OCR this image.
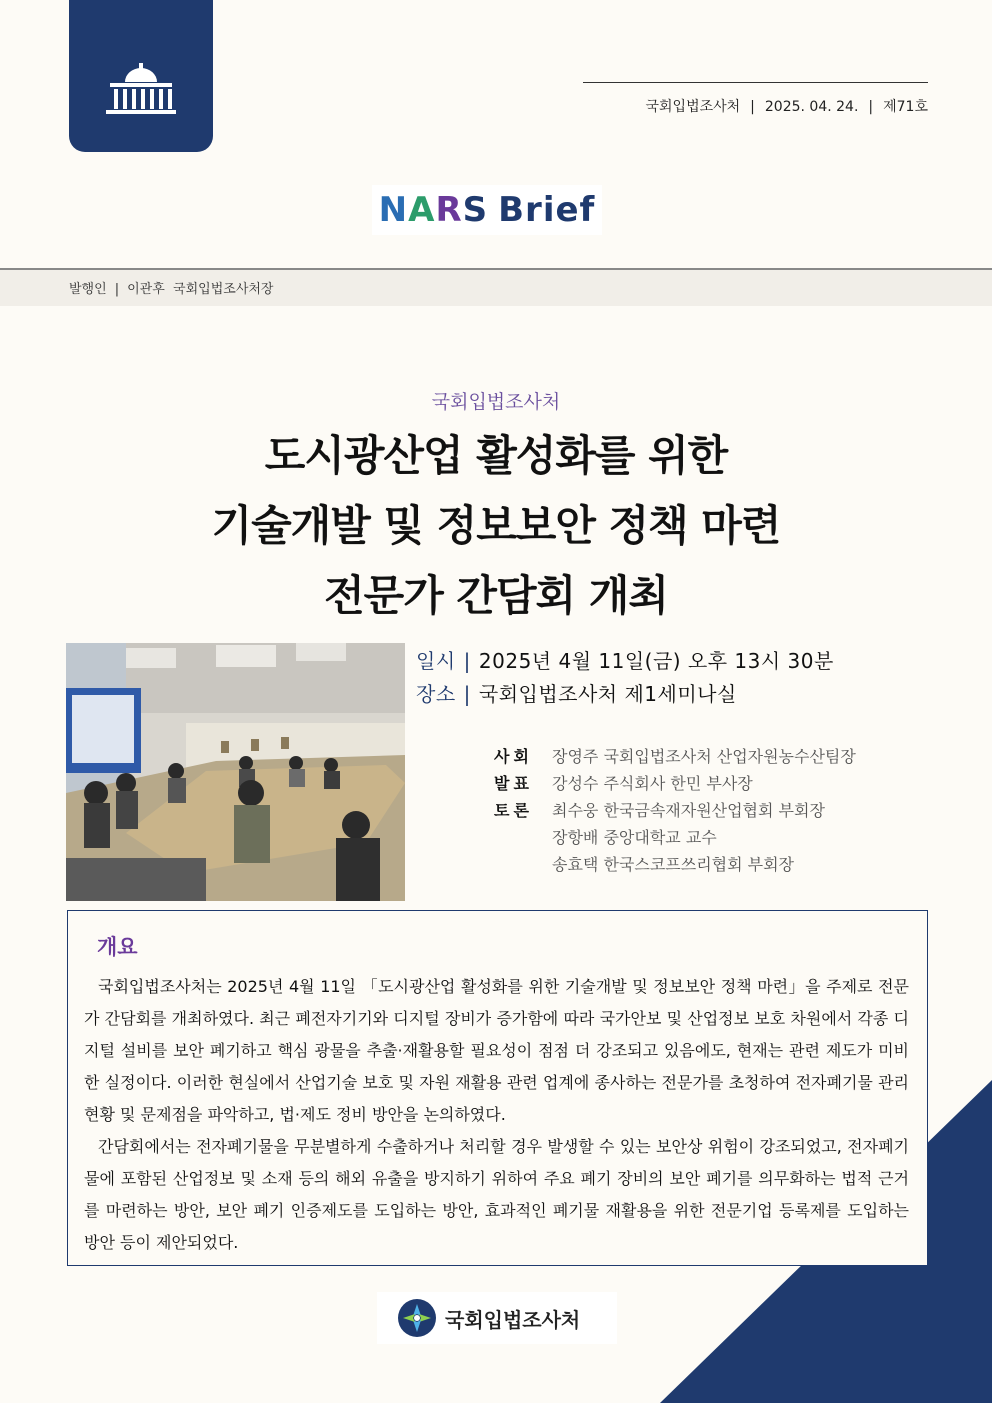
국회입법조사처 | 2025. 04. 24. | 제71호
N A R S Brief
발행인 | 이관후 국회입법조사처장
국회입법조사처
도시광산업 활성화를 위한
기술개발 및 정보보안 정책 마련
전문가 간담회 개최
일시 | 2025년 4월 11일(금) 오후 13시 30분
장소 | 국회입법조사처 제1세미나실
사회	장영주 국회입법조사처 산업자원농수산팀장
발표	강성수 주식회사 한민 부사장
토론	최수웅 한국금속재자원산업협회 부회장
장항배 중앙대학교 교수
송효택 한국스코프쓰리협회 부회장
개요

국회입법조사처는 2025년 4월 11일 「도시광산업 활성화를 위한 기술개발 및 정보보안 정책 마련」을 주제로 전문가 간담회를 개최하였다. 최근 폐전자기기와 디지털 장비가 증가함에 따라 국가안보 및 산업정보 보호 차원에서 각종 디지털 설비를 보안 폐기하고 핵심 광물을 추출·재활용할 필요성이 점점 더 강조되고 있음에도, 현재는 관련 제도가 미비한 실정이다. 이러한 현실에서 산업기술 보호 및 자원 재활용 관련 업계에 종사하는 전문가를 초청하여 전자폐기물 관리 현황 및 문제점을 파악하고, 법·제도 정비 방안을 논의하였다.

간담회에서는 전자폐기물을 무분별하게 수출하거나 처리할 경우 발생할 수 있는 보안상 위험이 강조되었고, 전자폐기물에 포함된 산업정보 및 소재 등의 해외 유출을 방지하기 위하여 주요 폐기 장비의 보안 폐기를 의무화하는 법적 근거를 마련하는 방안, 보안 폐기 인증제도를 도입하는 방안, 효과적인 폐기물 재활용을 위한 전문기업 등록제를 도입하는 방안 등이 제안되었다.

국회입법조사처
